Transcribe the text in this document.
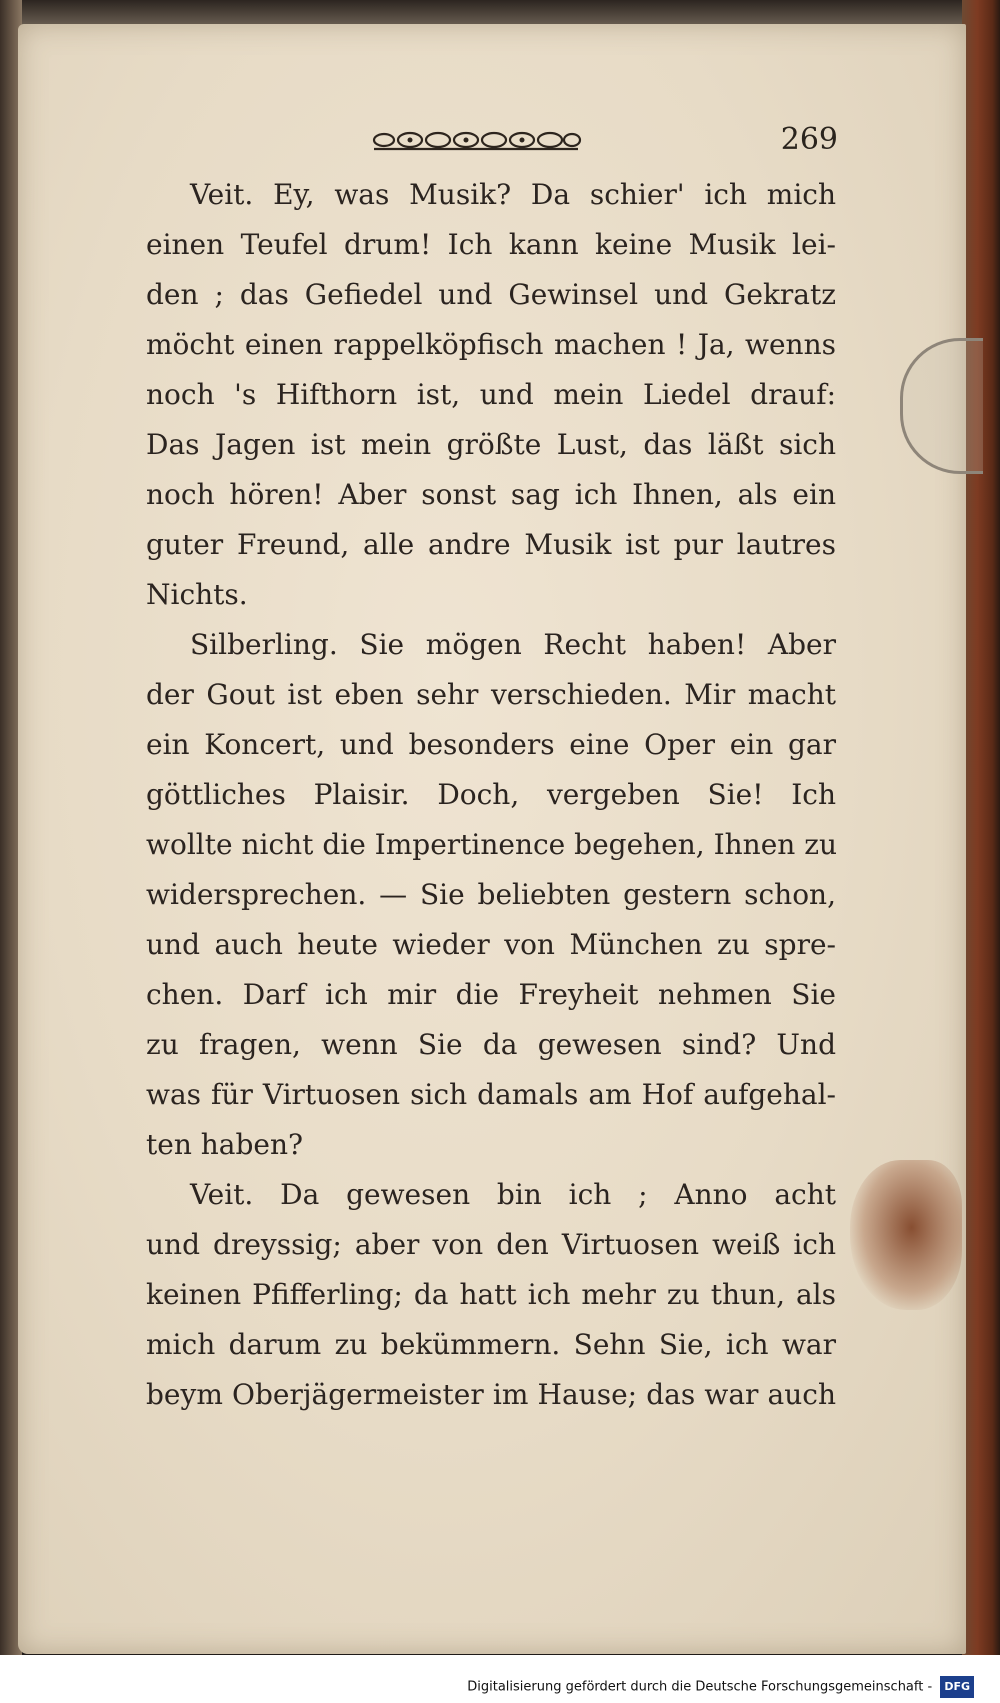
269
Veit. Ey, was Musik? Da schier' ich mich
einen Teufel drum! Ich kann keine Musik lei-
den ; das Gefiedel und Gewinsel und Gekratz
möcht einen rappelköpfisch machen ! Ja, wenns
noch 's Hifthorn ist, und mein Liedel drauf:
Das Jagen ist mein größte Lust, das läßt sich
noch hören! Aber sonst sag ich Ihnen, als ein
guter Freund, alle andre Musik ist pur lautres
Nichts.
Silberling. Sie mögen Recht haben! Aber
der Gout ist eben sehr verschieden. Mir macht
ein Koncert, und besonders eine Oper ein gar
göttliches Plaisir. Doch, vergeben Sie! Ich
wollte nicht die Impertinence begehen, Ihnen zu
widersprechen. — Sie beliebten gestern schon,
und auch heute wieder von München zu spre-
chen. Darf ich mir die Freyheit nehmen Sie
zu fragen, wenn Sie da gewesen sind? Und
was für Virtuosen sich damals am Hof aufgehal-
ten haben?
Veit. Da gewesen bin ich ; Anno acht
und dreyssig; aber von den Virtuosen weiß ich
keinen Pfifferling; da hatt ich mehr zu thun, als
mich darum zu bekümmern. Sehn Sie, ich war
beym Oberjägermeister im Hause; das war auch
Digitalisierung gefördert durch die Deutsche Forschungsgemeinschaft - DFG
